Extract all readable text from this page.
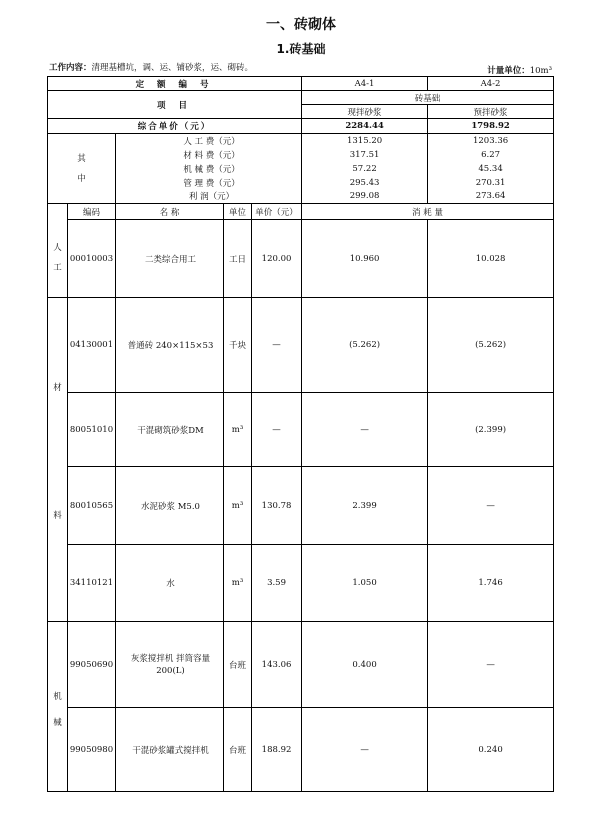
一、砖砌体
1.砖基础
工作内容：清理基槽坑，调、运、铺砂浆，运、砌砖。	计量单位：10m³
定 额 编 号					A4-1	A4-2
项 目					砖基础	
					现拌砂浆	预拌砂浆
综合单价（元）					2284.44	1798.92
其
中		人 工 费（元）			1315.20	1203.36
		材 料 费（元）			317.51	6.27
		机 械 费（元）			57.22	45.34
		管 理 费（元）			295.43	270.31
		利 润（元）			299.08	273.64
	编码	名 称	单位	单价（元）	消 耗 量	
人
工	00010003	二类综合用工	工日	120.00	10.960	10.028
材	04130001	普通砖 240×115×53	千块	—	(5.262)	(5.262)
	80051010	干混砌筑砂浆DM	m³	—	—	(2.399)
料	80010565	水泥砂浆 M5.0	m³	130.78	2.399	—
	34110121	水	m³	3.59	1.050	1.746
机	99050690	灰浆搅拌机 拌筒容量200(L)	台班	143.06	0.400	—
械	99050980	干混砂浆罐式搅拌机	台班	188.92	—	0.240
